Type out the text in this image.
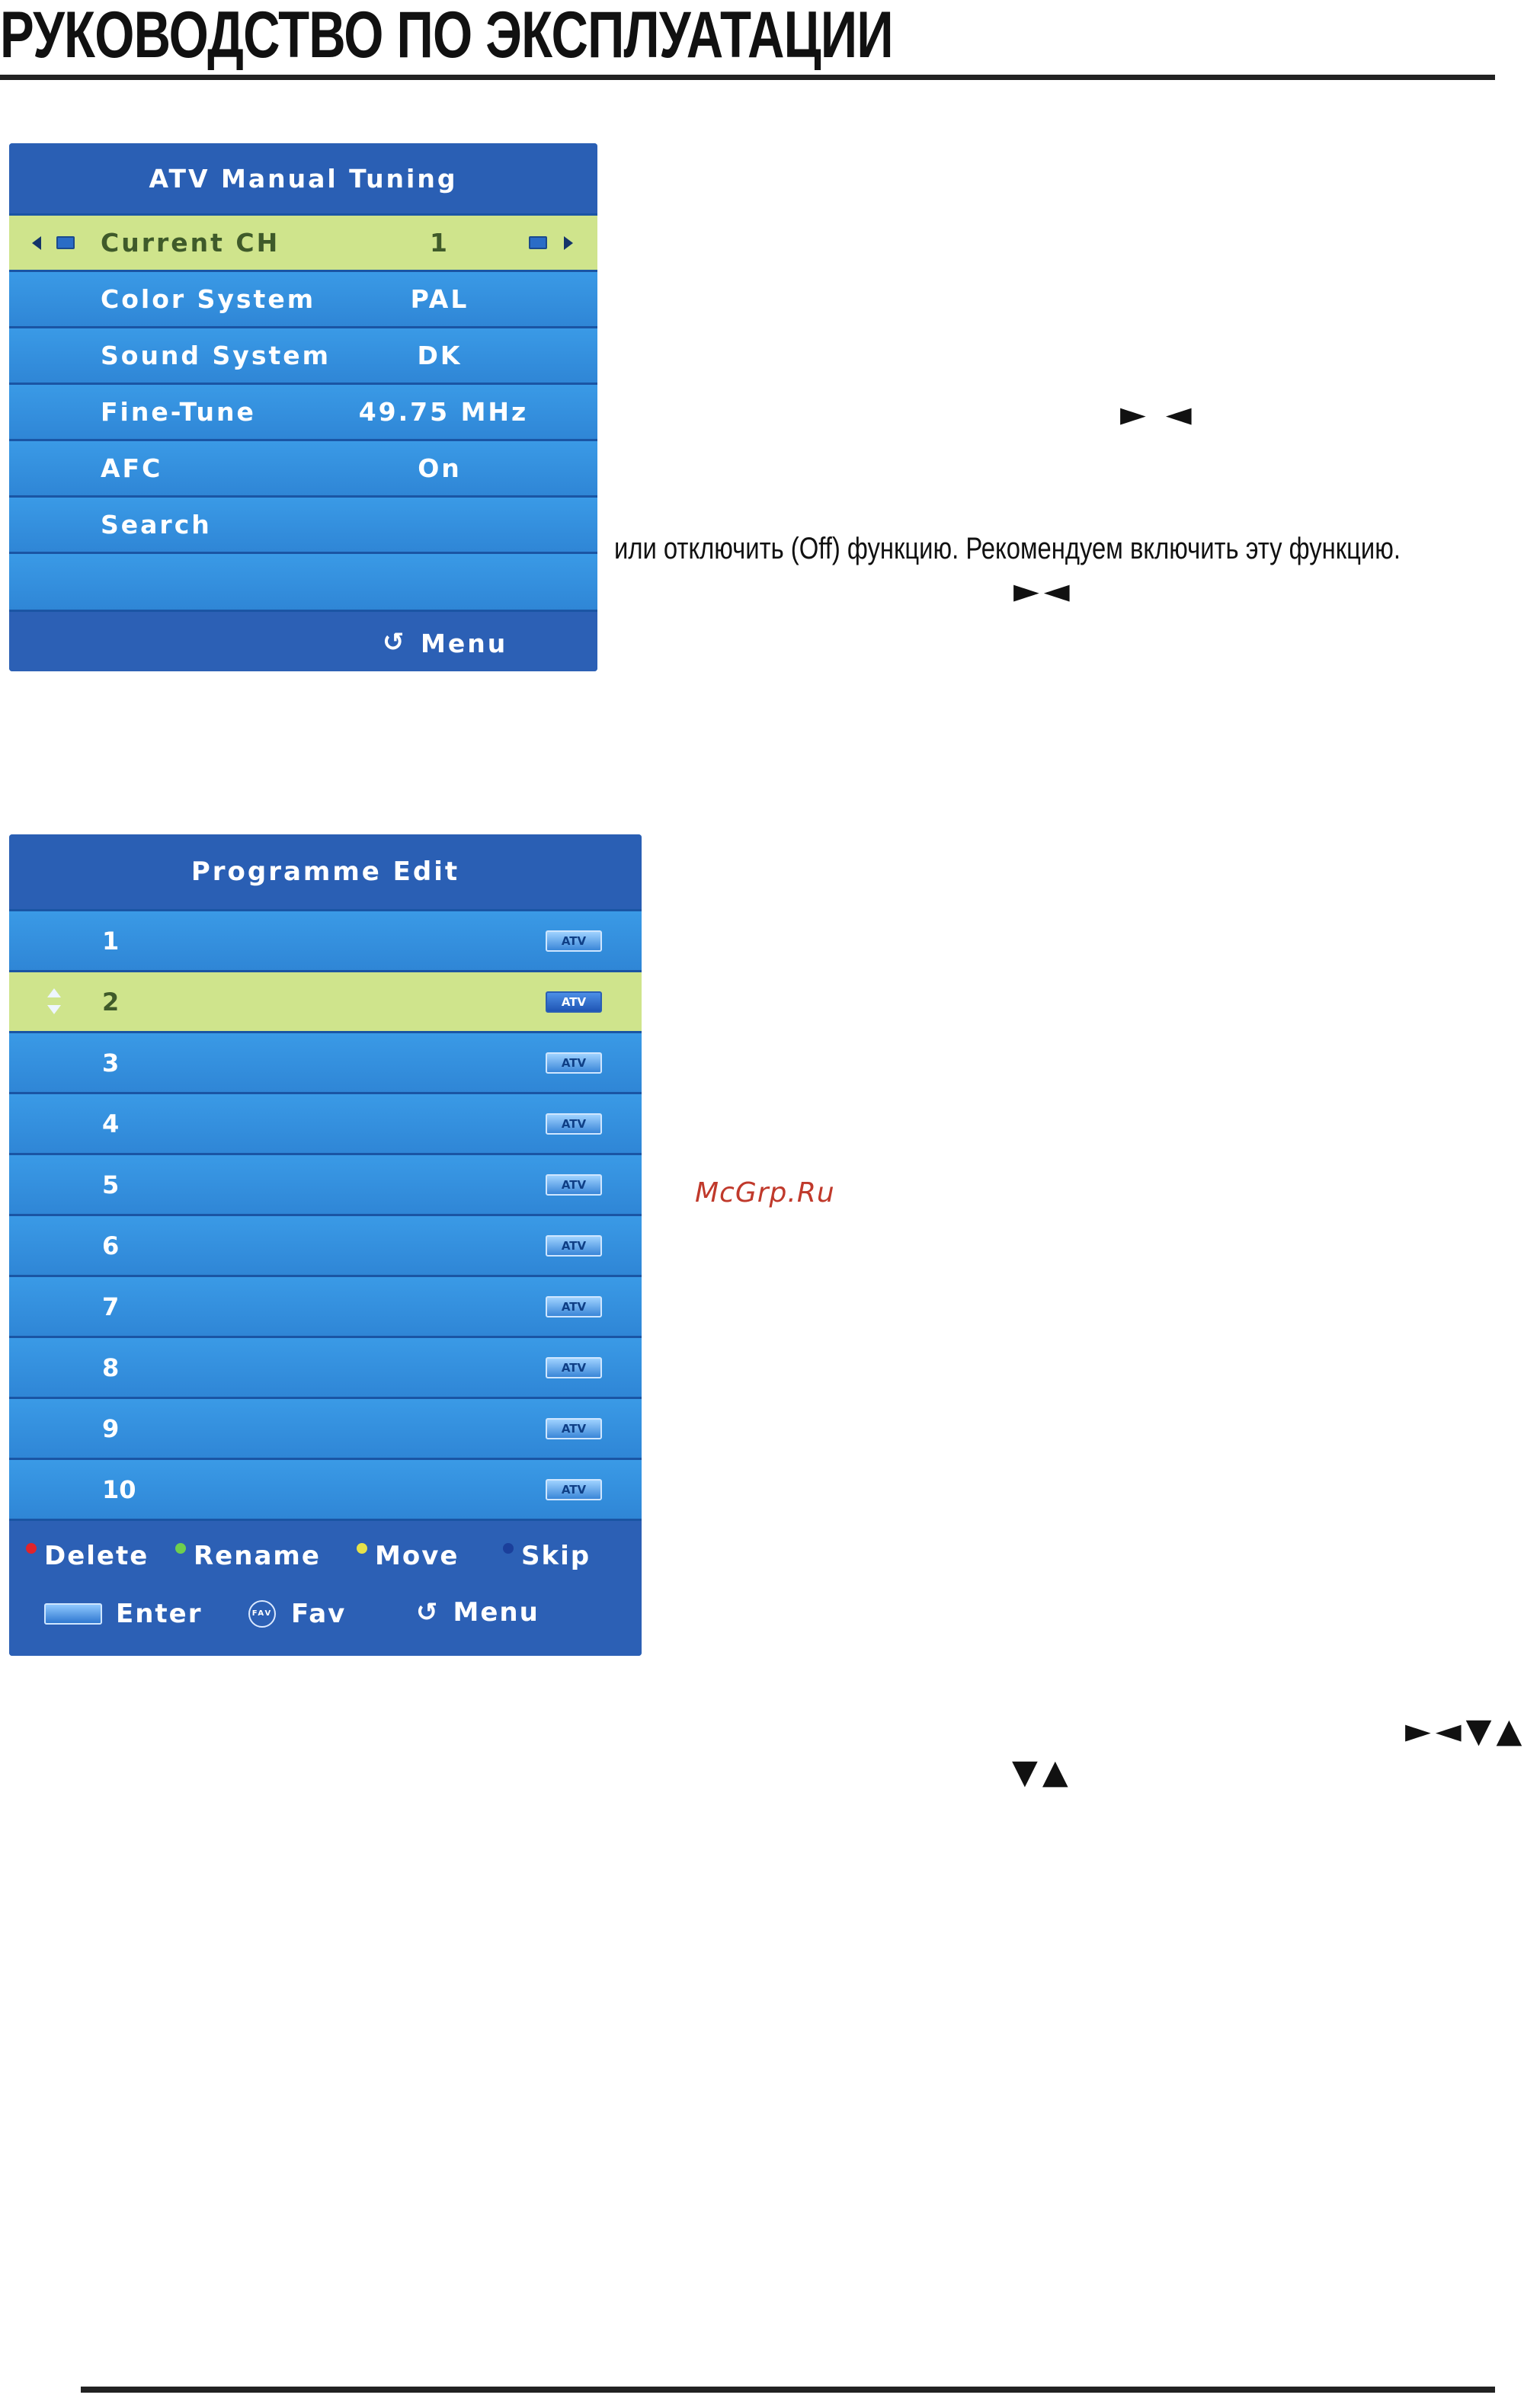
РУКОВОДСТВО ПО ЭКСПЛУАТАЦИИ
ATV Manual Tuning
Current CH	1
Color System	PAL
Sound System	DK
Fine-Tune	49.75 MHz
AFC	On
Search
↺ Menu
► ◄
или отключить (Off) функцию. Рекомендуем включить эту функцию.
►◄
Programme Edit
1	ATV
2	ATV
3	ATV
4	ATV
5	ATV
6	ATV
7	ATV
8	ATV
9	ATV
10	ATV
Delete Rename Move Skip
Enter	FAV Fav	↺ Menu
McGrp.Ru
►◄▼▲
▼▲
